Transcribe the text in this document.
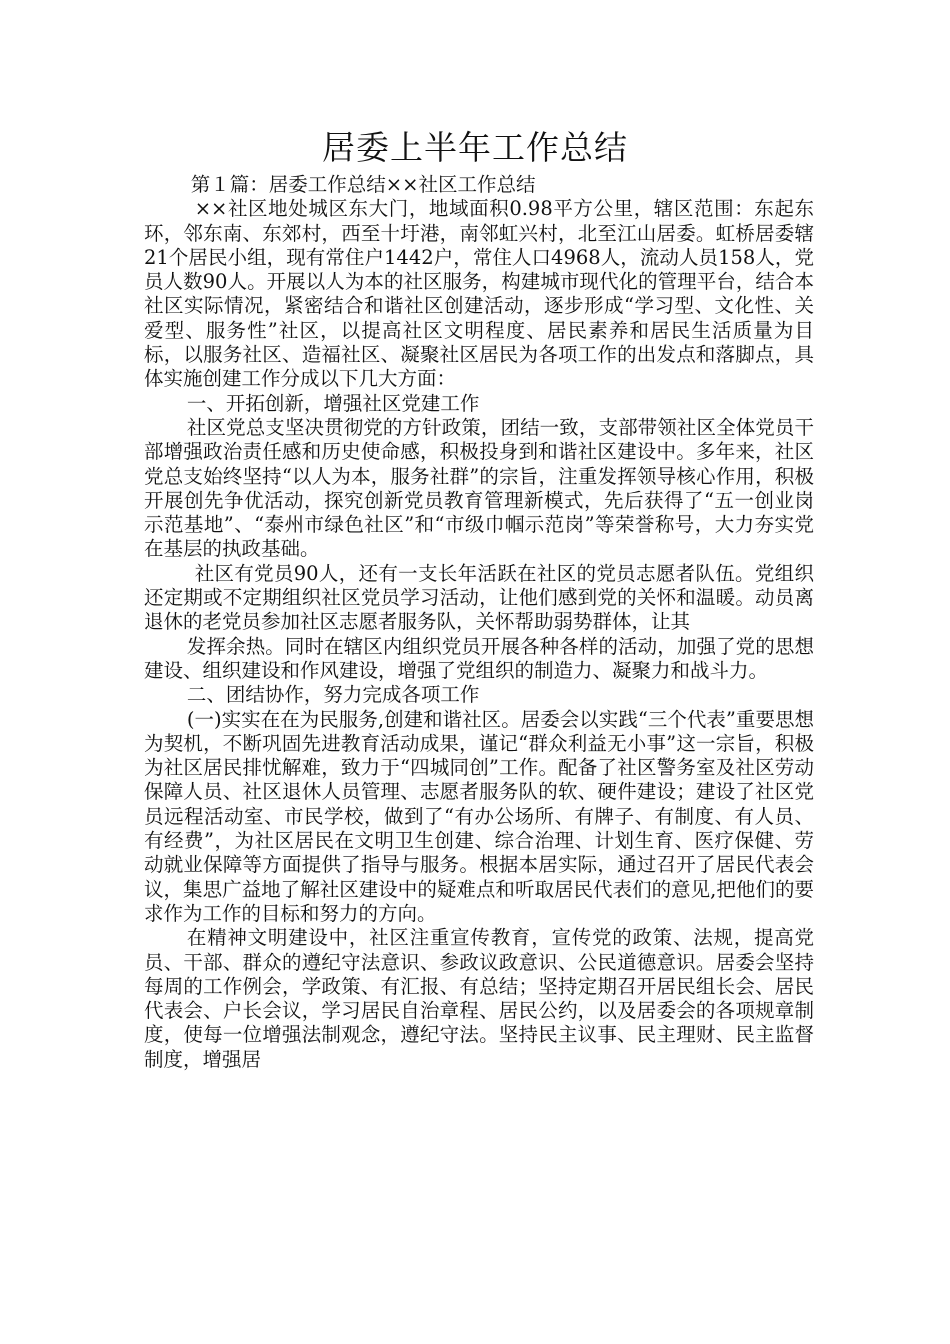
居委上半年工作总结

第１篇：居委工作总结××社区工作总结

××社区地处城区东大门，地域面积0.98平方公里，辖区范围：东起东环，邻东南、东郊村，西至十圩港，南邻虹兴村，北至江山居委。虹桥居委辖21个居民小组，现有常住户1442户，常住人口4968人，流动人员158人，党员人数90人。开展以人为本的社区服务，构建城市现代化的管理平台，结合本社区实际情况，紧密结合和谐社区创建活动，逐步形成“学习型、文化性、关爱型、服务性”社区，以提高社区文明程度、居民素养和居民生活质量为目标，以服务社区、造福社区、凝聚社区居民为各项工作的出发点和落脚点，具体实施创建工作分成以下几大方面：

一、开拓创新，增强社区党建工作

社区党总支坚决贯彻党的方针政策，团结一致，支部带领社区全体党员干部增强政治责任感和历史使命感，积极投身到和谐社区建设中。多年来，社区党总支始终坚持“以人为本，服务社群”的宗旨，注重发挥领导核心作用，积极开展创先争优活动，探究创新党员教育管理新模式，先后获得了“五一创业岗示范基地”、“泰州市绿色社区”和“市级巾帼示范岗”等荣誉称号，大力夯实党在基层的执政基础。

社区有党员90人，还有一支长年活跃在社区的党员志愿者队伍。党组织还定期或不定期组织社区党员学习活动，让他们感到党的关怀和温暖。动员离退休的老党员参加社区志愿者服务队，关怀帮助弱势群体，让其

发挥余热。同时在辖区内组织党员开展各种各样的活动，加强了党的思想建设、组织建设和作风建设，增强了党组织的制造力、凝聚力和战斗力。

二、团结协作，努力完成各项工作

(一)实实在在为民服务,创建和谐社区。居委会以实践“三个代表”重要思想为契机，不断巩固先进教育活动成果，谨记“群众利益无小事”这一宗旨，积极为社区居民排忧解难，致力于“四城同创”工作。配备了社区警务室及社区劳动保障人员、社区退休人员管理、志愿者服务队的软、硬件建设；建设了社区党员远程活动室、市民学校，做到了“有办公场所、有牌子、有制度、有人员、有经费”，为社区居民在文明卫生创建、综合治理、计划生育、医疗保健、劳动就业保障等方面提供了指导与服务。根据本居实际，通过召开了居民代表会议，集思广益地了解社区建设中的疑难点和听取居民代表们的意见,把他们的要求作为工作的目标和努力的方向。

在精神文明建设中，社区注重宣传教育，宣传党的政策、法规，提高党员、干部、群众的遵纪守法意识、参政议政意识、公民道德意识。居委会坚持每周的工作例会，学政策、有汇报、有总结；坚持定期召开居民组长会、居民代表会、户长会议，学习居民自治章程、居民公约，以及居委会的各项规章制度，使每一位增强法制观念，遵纪守法。坚持民主议事、民主理财、民主监督制度，增强居
